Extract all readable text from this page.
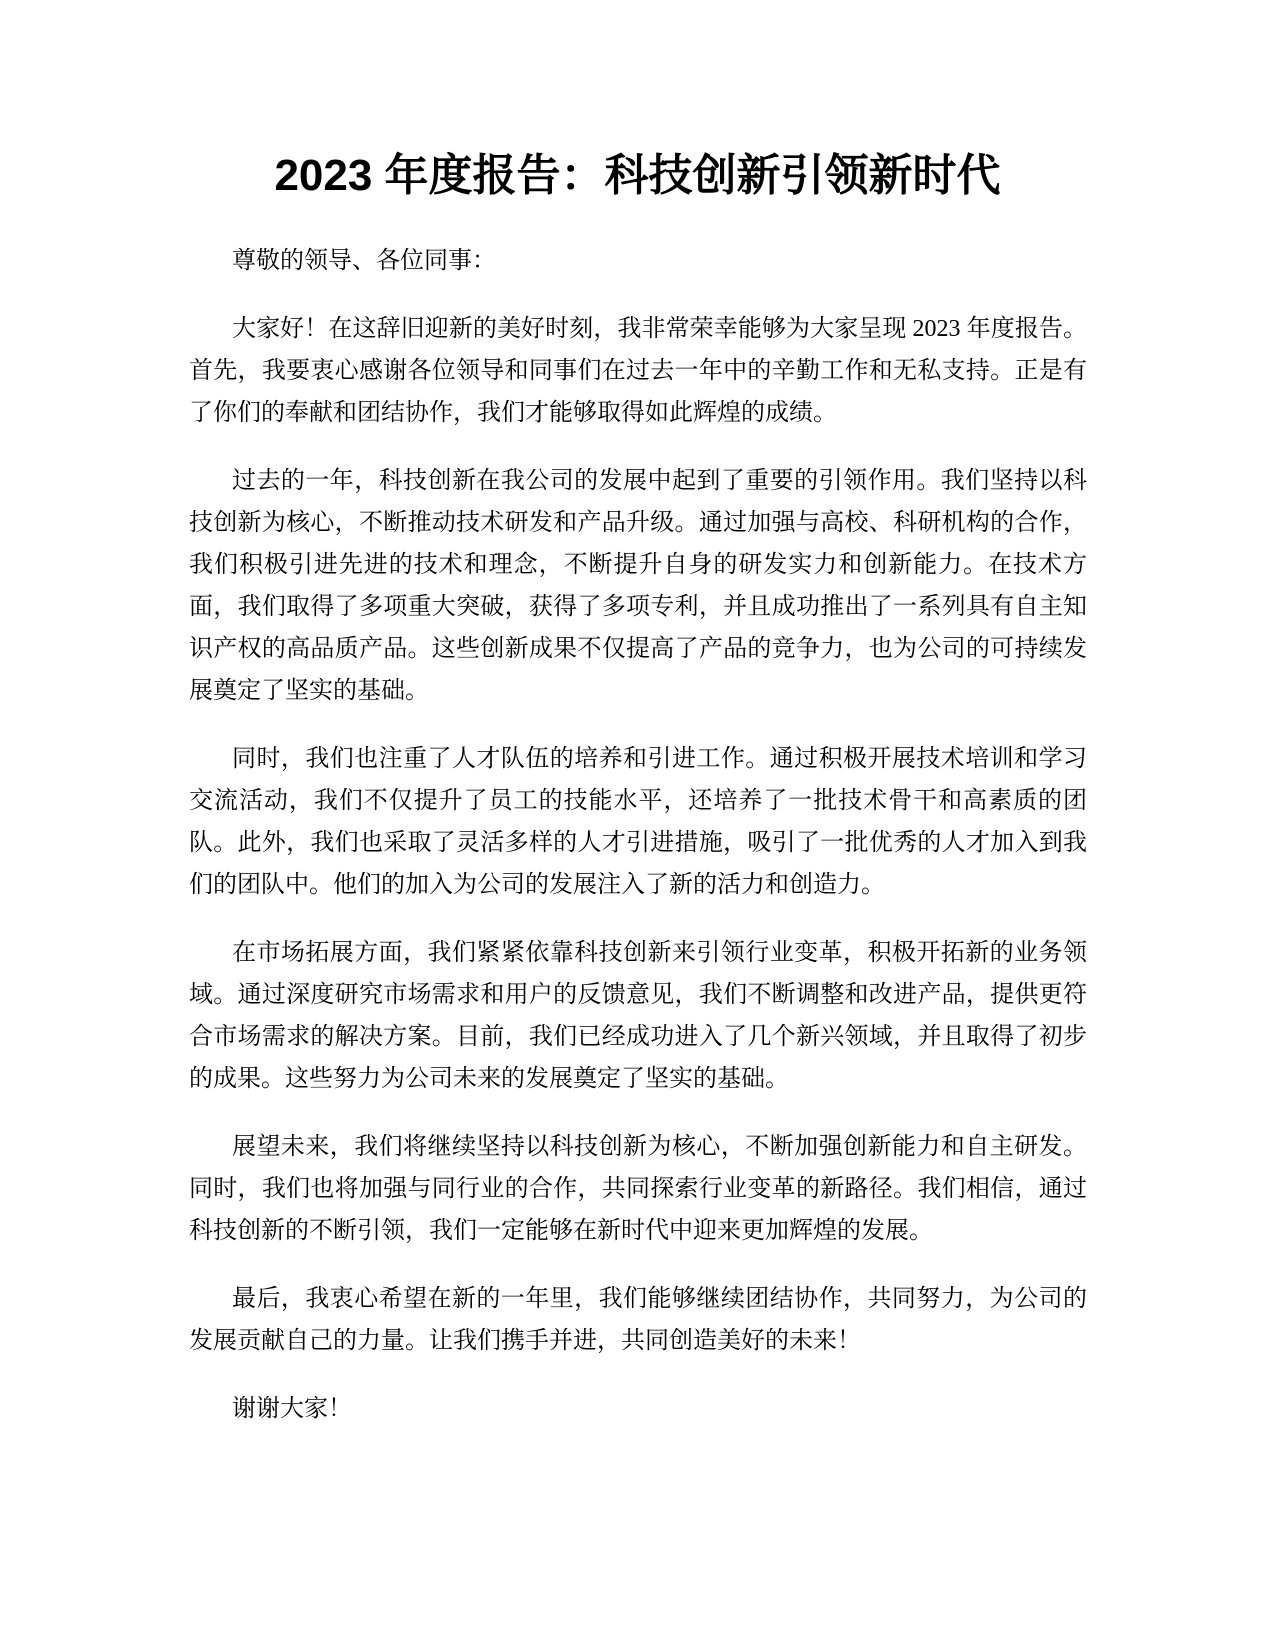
2023 年度报告：科技创新引领新时代

尊敬的领导、各位同事：

大家好！在这辞旧迎新的美好时刻，我非常荣幸能够为大家呈现 2023 年度报告。首先，我要衷心感谢各位领导和同事们在过去一年中的辛勤工作和无私支持。正是有了你们的奉献和团结协作，我们才能够取得如此辉煌的成绩。

过去的一年，科技创新在我公司的发展中起到了重要的引领作用。我们坚持以科技创新为核心，不断推动技术研发和产品升级。通过加强与高校、科研机构的合作，我们积极引进先进的技术和理念，不断提升自身的研发实力和创新能力。在技术方面，我们取得了多项重大突破，获得了多项专利，并且成功推出了一系列具有自主知识产权的高品质产品。这些创新成果不仅提高了产品的竞争力，也为公司的可持续发展奠定了坚实的基础。

同时，我们也注重了人才队伍的培养和引进工作。通过积极开展技术培训和学习交流活动，我们不仅提升了员工的技能水平，还培养了一批技术骨干和高素质的团队。此外，我们也采取了灵活多样的人才引进措施，吸引了一批优秀的人才加入到我们的团队中。他们的加入为公司的发展注入了新的活力和创造力。

在市场拓展方面，我们紧紧依靠科技创新来引领行业变革，积极开拓新的业务领域。通过深度研究市场需求和用户的反馈意见，我们不断调整和改进产品，提供更符合市场需求的解决方案。目前，我们已经成功进入了几个新兴领域，并且取得了初步的成果。这些努力为公司未来的发展奠定了坚实的基础。

展望未来，我们将继续坚持以科技创新为核心，不断加强创新能力和自主研发。同时，我们也将加强与同行业的合作，共同探索行业变革的新路径。我们相信，通过科技创新的不断引领，我们一定能够在新时代中迎来更加辉煌的发展。

最后，我衷心希望在新的一年里，我们能够继续团结协作，共同努力，为公司的发展贡献自己的力量。让我们携手并进，共同创造美好的未来！

谢谢大家！
